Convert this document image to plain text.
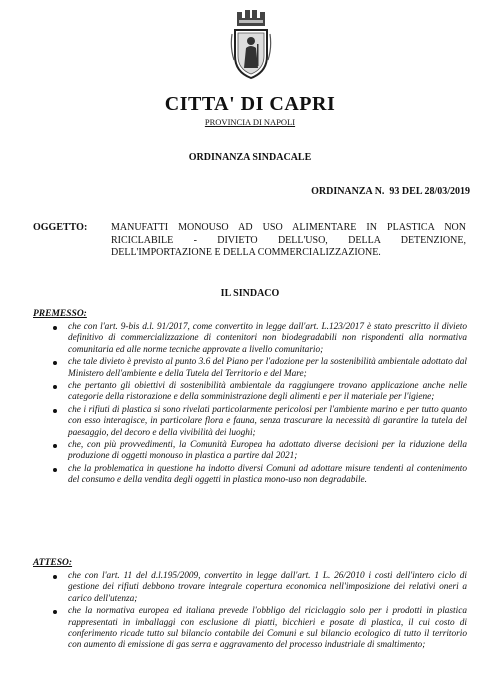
CITTA' DI CAPRI
PROVINCIA DI NAPOLI
ORDINANZA SINDACALE
ORDINANZA N.  93 DEL 28/03/2019
OGGETTO: MANUFATTI MONOUSO AD USO ALIMENTARE IN PLASTICA NON
RICICLABILE - DIVIETO DELL'USO, DELLA DETENZIONE,
DELL'IMPORTAZIONE E DELLA COMMERCIALIZZAZIONE.
IL SINDACO
PREMESSO:
che con l'art. 9-bis d.l. 91/2017, come convertito in legge dall'art. L.123/2017 è stato prescritto il divieto definitivo di commercializzazione di contenitori non biodegradabili non rispondenti alla normativa comunitaria ed alle norme tecniche approvate a livello comunitario;
che tale divieto è previsto al punto 3.6 del Piano per l'adozione per la sostenibilità ambientale adottato dal Ministero dell'ambiente e della Tutela del Territorio e del Mare;
che pertanto gli obiettivi di sostenibilità ambientale da raggiungere trovano applicazione anche nelle categorie della ristorazione e della somministrazione degli alimenti e per il materiale per l'igiene;
che i rifiuti di plastica si sono rivelati particolarmente pericolosi per l'ambiente marino e per tutto quanto con esso interagisce, in particolare flora e fauna, senza trascurare la necessità di garantire la tutela del paesaggio, del decoro e della vivibilità dei luoghi;
che, con più provvedimenti, la Comunità Europea ha adottato diverse decisioni per la riduzione della produzione di oggetti monouso in plastica a partire dal 2021;
che la problematica in questione ha indotto diversi Comuni ad adottare misure tendenti al contenimento del consumo e della vendita degli oggetti in plastica mono-uso non degradabile.
ATTESO:
che con l'art. 11 del d.l.195/2009, convertito in legge dall'art. 1 L. 26/2010 i costi dell'intero ciclo di gestione dei rifiuti debbono trovare integrale copertura economica nell'imposizione dei relativi oneri a carico dell'utenza;
che la normativa europea ed italiana prevede l'obbligo del riciclaggio solo per i prodotti in plastica rappresentati in imballaggi con esclusione di piatti, bicchieri e posate di plastica, il cui costo di conferimento ricade tutto sul bilancio contabile dei Comuni e sul bilancio ecologico di tutto il territorio con aumento di emissione di gas serra e aggravamento del processo industriale di smaltimento;
